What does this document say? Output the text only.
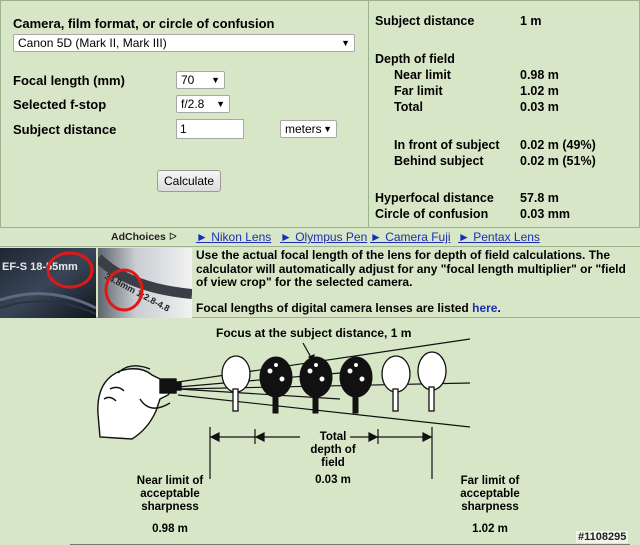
Camera, film format, or circle of confusion
Canon 5D (Mark II, Mark III)	▼
Focal length (mm)	70 ▼
Selected f-stop	f/2.8 ▼
Subject distance	1	meters ▼
Calculate
Subject distance	1 m
Depth of field
Near limit	0.98 m
Far limit	1.02 m
Total	0.03 m
In front of subject 0.02 m (49%)
Behind subject	0.02 m (51%)
Hyperfocal distance 57.8 m
Circle of confusion	0.03 mm
AdChoices ᐅ ► Nikon Lens ► Olympus Pen ► Camera Fuji ► Pentax Lens
EF-S 18-55mm
34.8mm 1:2.8-4.8

Use the actual focal length of the lens for depth of field calculations. The calculator will automatically adjust for any "focal length multiplier" or "field of view crop" for the selected camera.

Focal lengths of digital camera lenses are listed here.

Focus at the subject distance, 1 m
Total
depth of
field
0.03 m
Near limit of
acceptable
sharpness
0.98 m
Far limit of
acceptable
sharpness
1.02 m
#1108295
